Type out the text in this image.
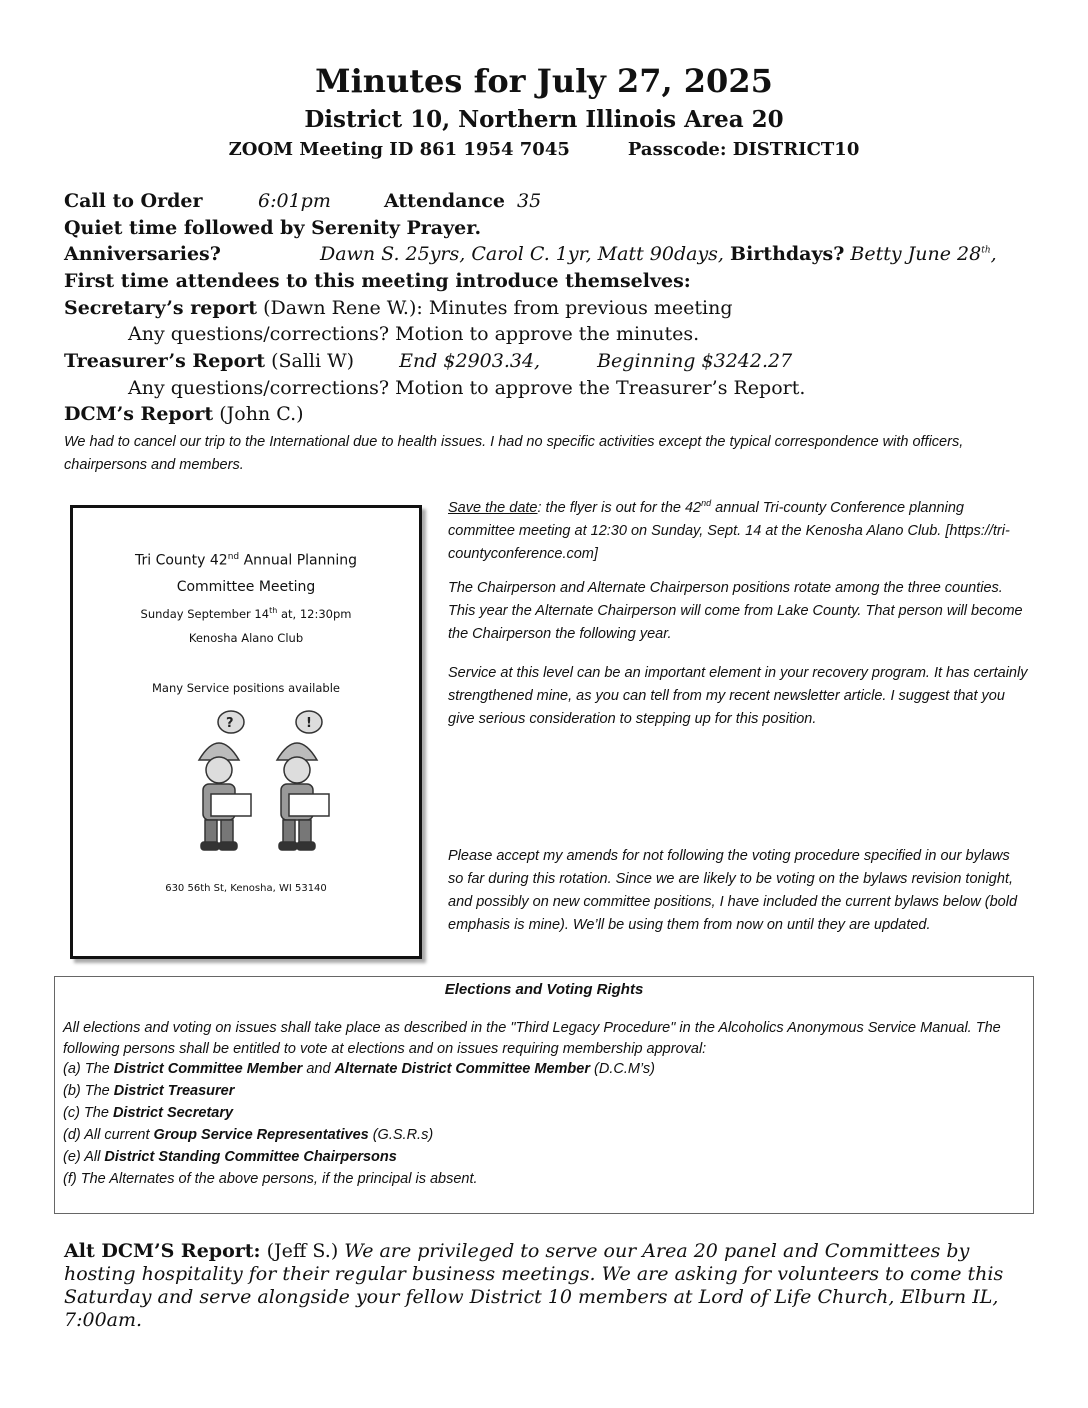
Minutes for July 27, 2025
District 10, Northern Illinois Area 20
ZOOM Meeting ID 861 1954 7045	Passcode: DISTRICT10
Call to Order	6:01pm	Attendance 35
Quiet time followed by Serenity Prayer.
Anniversaries?	Dawn S. 25yrs, Carol C. 1yr, Matt 90days, Birthdays? Betty June 28th,
First time attendees to this meeting introduce themselves:
Secretary’s report (Dawn Rene W.): Minutes from previous meeting
Any questions/corrections? Motion to approve the minutes.
Treasurer’s Report (Salli W) End $2903.34,	Beginning $3242.27
Any questions/corrections? Motion to approve the Treasurer’s Report.
DCM’s Report (John C.)
We had to cancel our trip to the International due to health issues. I had no specific activities except the typical correspondence with officers, chairpersons and members.
Tri County 42nd Annual Planning
Committee Meeting
Sunday September 14th at, 12:30pm
Kenosha Alano Club
Many Service positions available
?	!
630 56th St, Kenosha, WI 53140
Save the date: the flyer is out for the 42nd annual Tri-county Conference planning committee meeting at 12:30 on Sunday, Sept. 14 at the Kenosha Alano Club. [https://tri-countyconference.com]
The Chairperson and Alternate Chairperson positions rotate among the three counties. This year the Alternate Chairperson will come from Lake County. That person will become the Chairperson the following year.
Service at this level can be an important element in your recovery program. It has certainly strengthened mine, as you can tell from my recent newsletter article. I suggest that you give serious consideration to stepping up for this position.
Please accept my amends for not following the voting procedure specified in our bylaws so far during this rotation. Since we are likely to be voting on the bylaws revision tonight, and possibly on new committee positions, I have included the current bylaws below (bold emphasis is mine). We’ll be using them from now on until they are updated.
Elections and Voting Rights
All elections and voting on issues shall take place as described in the "Third Legacy Procedure" in the Alcoholics Anonymous Service Manual. The following persons shall be entitled to vote at elections and on issues requiring membership approval:
(a) The District Committee Member and Alternate District Committee Member (D.C.M’s)
(b) The District Treasurer
(c) The District Secretary
(d) All current Group Service Representatives (G.S.R.s)
(e) All District Standing Committee Chairpersons
(f) The Alternates of the above persons, if the principal is absent.
Alt DCM’S Report: (Jeff S.) We are privileged to serve our Area 20 panel and Committees by hosting hospitality for their regular business meetings. We are asking for volunteers to come this Saturday and serve alongside your fellow District 10 members at Lord of Life Church, Elburn IL, 7:00am.
